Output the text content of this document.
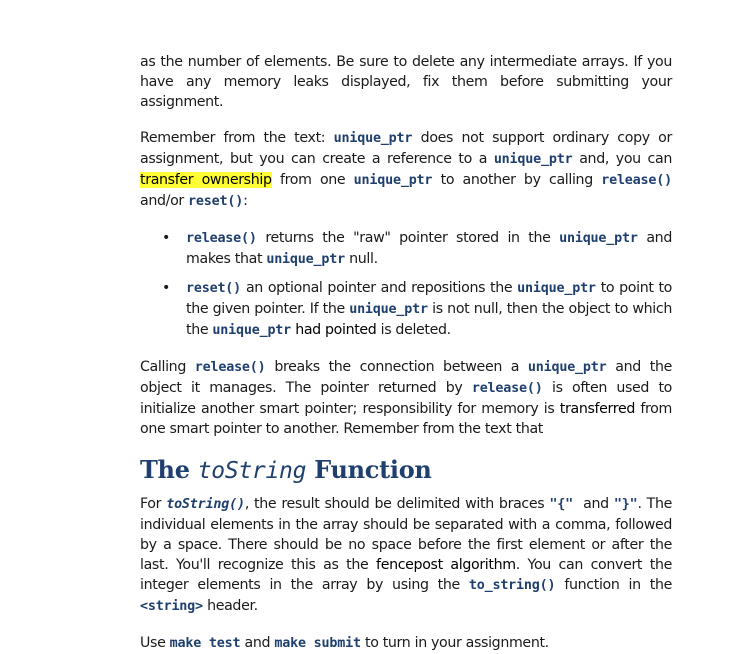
as the number of elements. Be sure to delete any intermediate arrays. If you have any memory leaks displayed, fix them before submitting your assignment.

Remember from the text: unique_ptr does not support ordinary copy or assignment, but you can create a reference to a unique_ptr and, you can transfer ownership from one unique_ptr to another by calling release() and/or reset():

• release() returns the "raw" pointer stored in the unique_ptr and makes that unique_ptr null.
• reset() an optional pointer and repositions the unique_ptr to point to the given pointer. If the unique_ptr is not null, then the object to which the unique_ptr had pointed is deleted.

Calling release() breaks the connection between a unique_ptr and the object it manages. The pointer returned by release() is often used to initialize another smart pointer; responsibility for memory is transferred from one smart pointer to another. Remember from the text that

The toString Function

For toString(), the result should be delimited with braces "{"  and "}". The individual elements in the array should be separated with a comma, followed by a space. There should be no space before the first element or after the last. You'll recognize this as the fencepost algorithm. You can convert the integer elements in the array by using the to_string() function in the <string> header.

Use make test and make submit to turn in your assignment.
